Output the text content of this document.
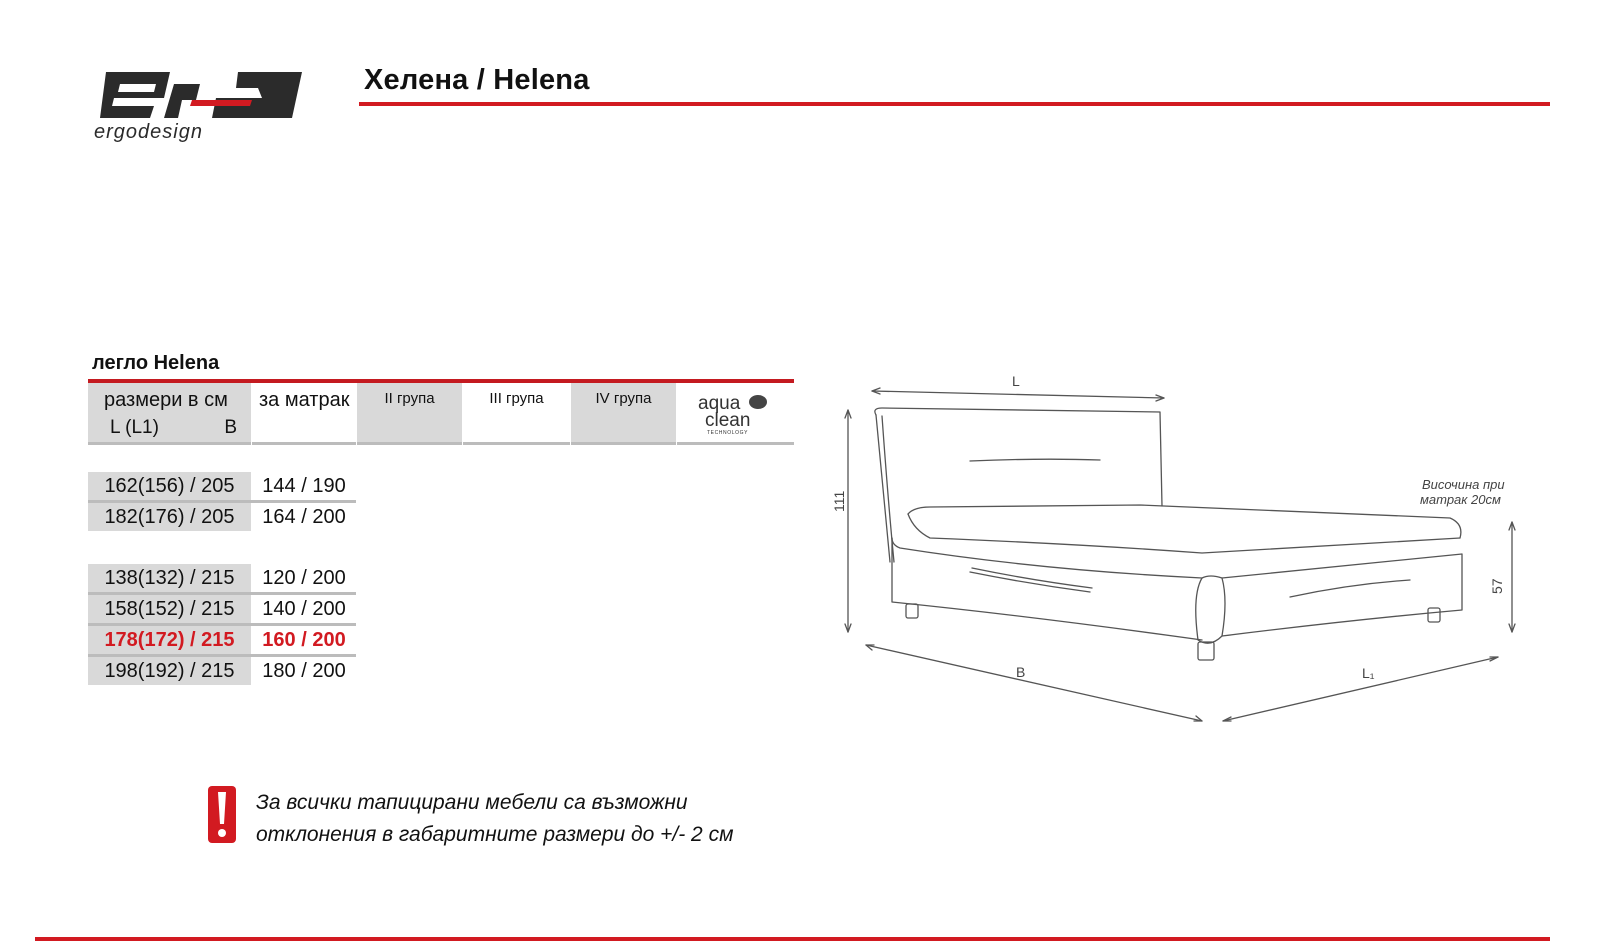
ergodesign
Хелена / Helena
легло Helena
размери в см
L (L1)	B
за матрак	II група	III група	IV група	aqua
clean
TECHNOLOGY
162(156) / 205	144 / 190
182(176) / 205	164 / 200
138(132) / 215	120 / 200
158(152) / 215	140 / 200
178(172) / 215	160 / 200
198(192) / 215	180 / 200
L
111
B	L₁
57
Височина при
матрак 20см
За всички тапицирани мебели са възможни
отклонения в габаритните размери до +/- 2 см
